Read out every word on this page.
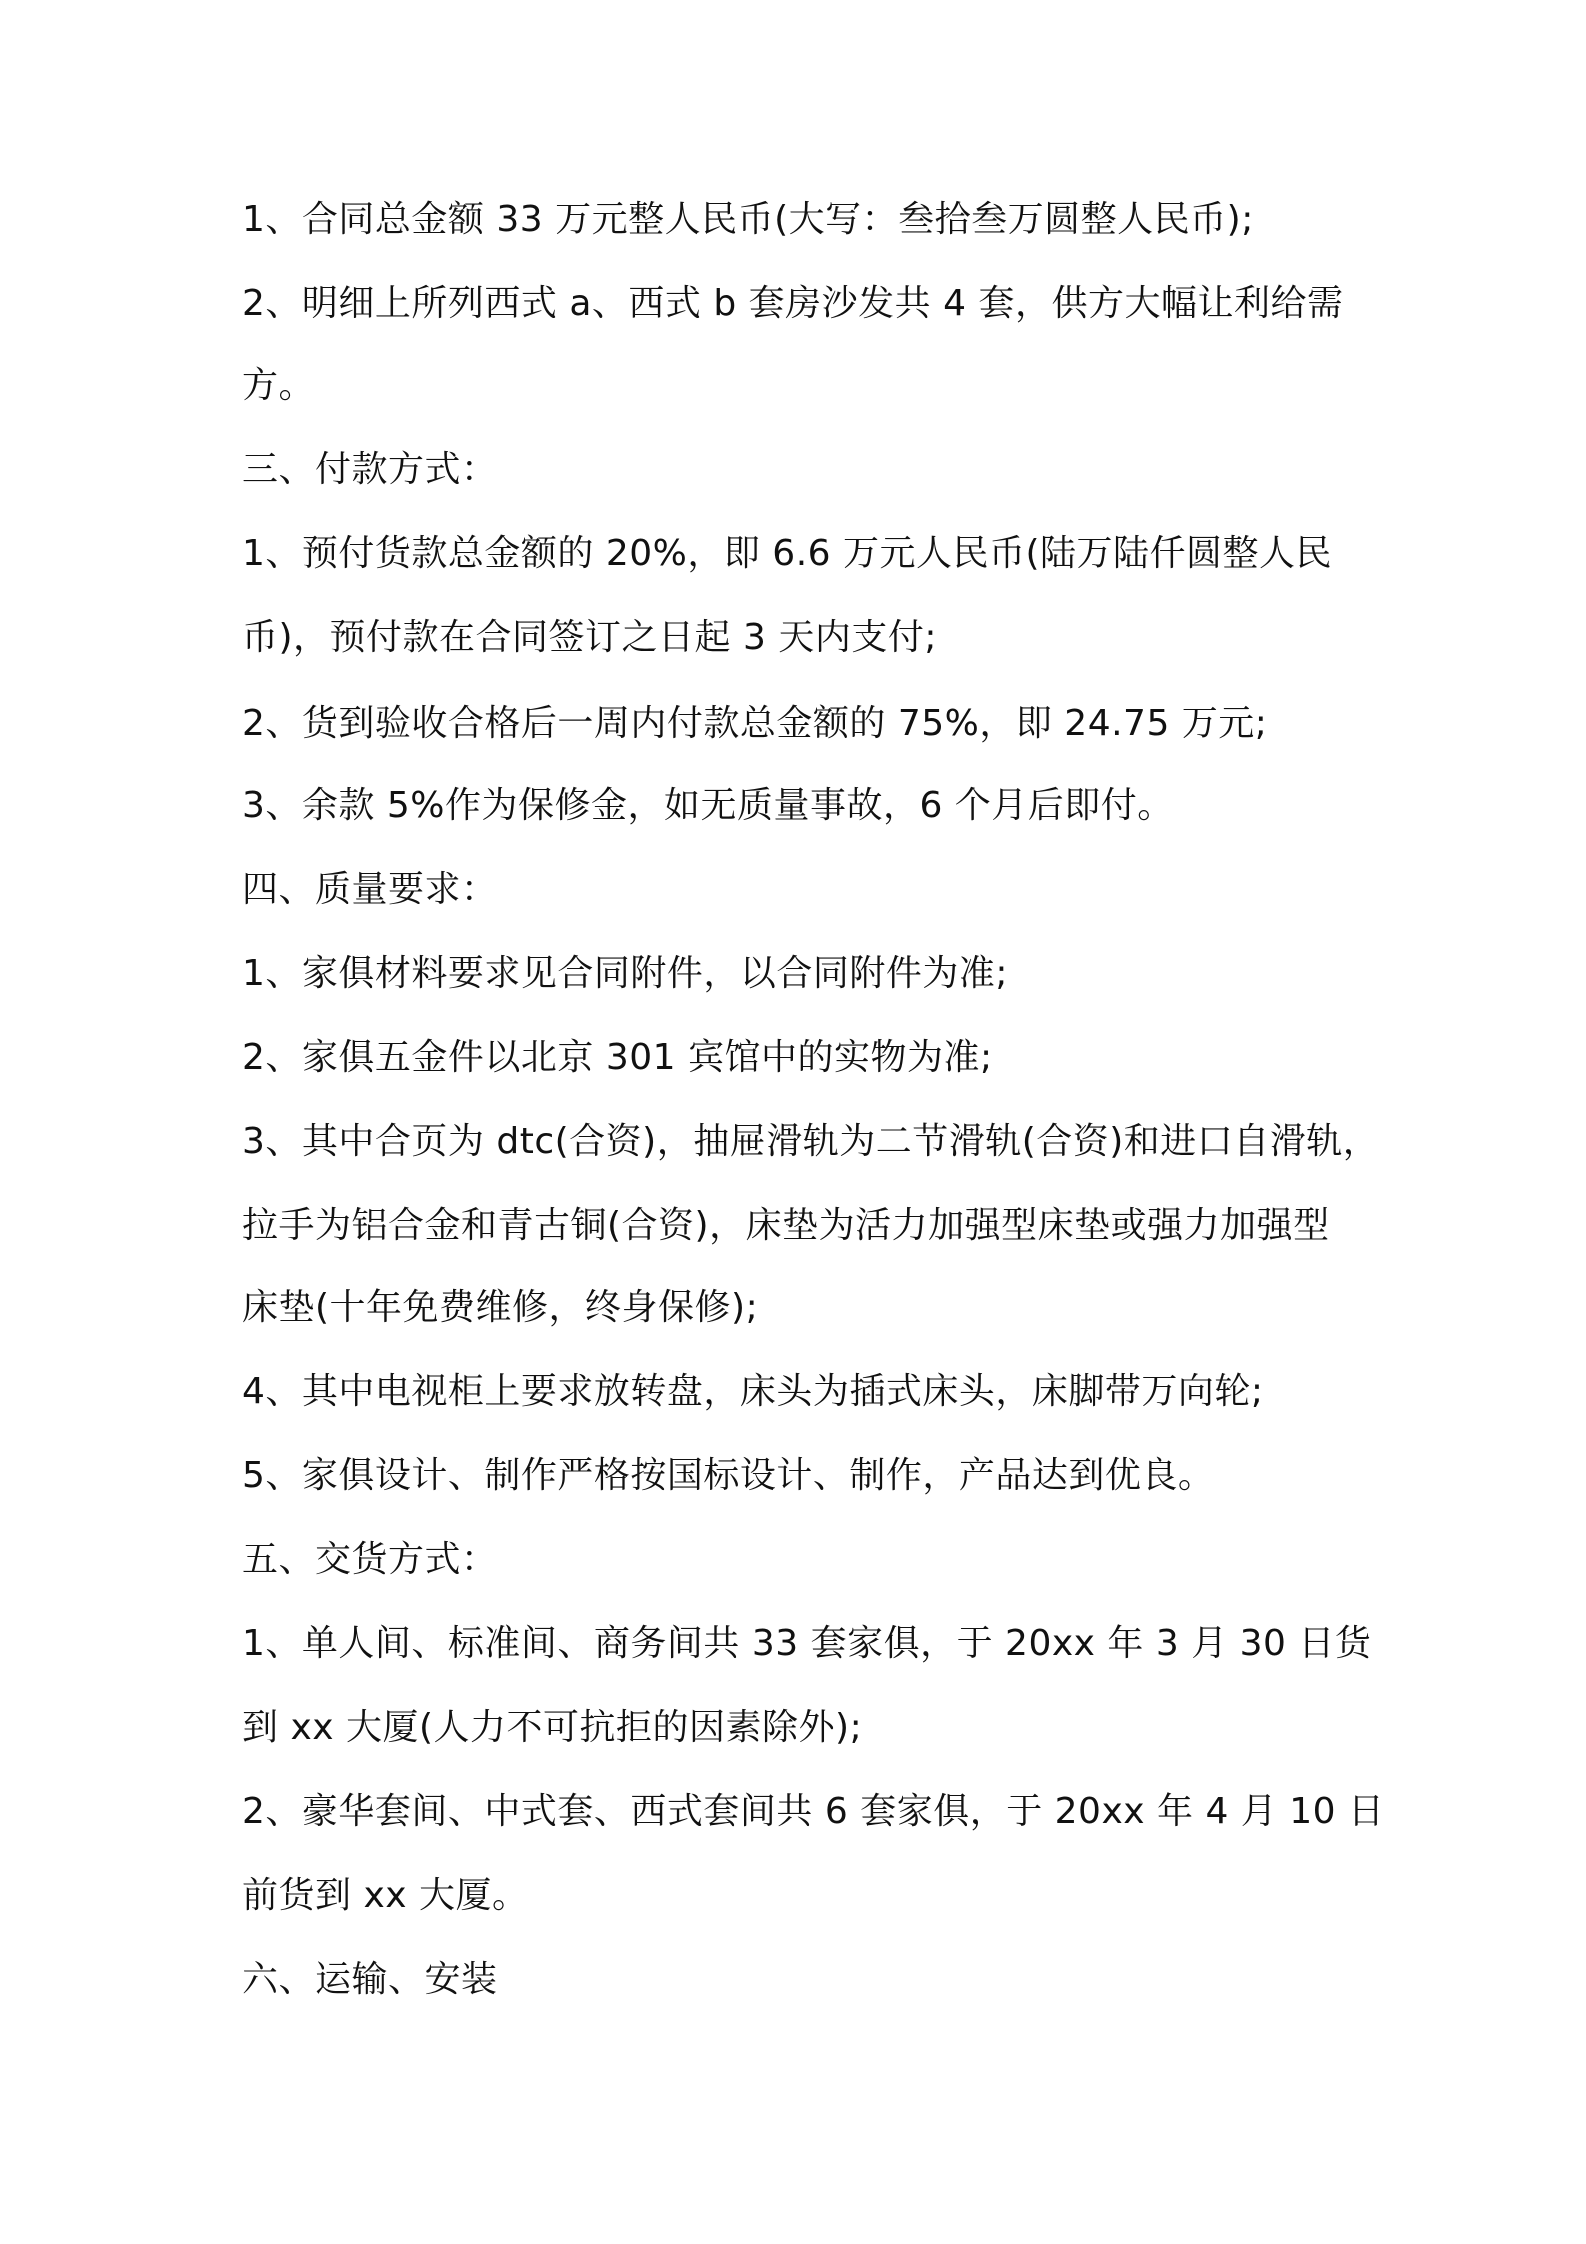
1、合同总金额 33 万元整人民币(大写：叁拾叁万圆整人民币);
2、明细上所列西式 a、西式 b 套房沙发共 4 套，供方大幅让利给需
方。
三、付款方式：
1、预付货款总金额的 20%，即 6.6 万元人民币(陆万陆仟圆整人民
币)，预付款在合同签订之日起 3 天内支付;
2、货到验收合格后一周内付款总金额的 75%，即 24.75 万元;
3、余款 5%作为保修金，如无质量事故，6 个月后即付。
四、质量要求：
1、家俱材料要求见合同附件，以合同附件为准;
2、家俱五金件以北京 301 宾馆中的实物为准;
3、其中合页为 dtc(合资)，抽屉滑轨为二节滑轨(合资)和进口自滑轨，
拉手为铝合金和青古铜(合资)，床垫为活力加强型床垫或强力加强型
床垫(十年免费维修，终身保修);
4、其中电视柜上要求放转盘，床头为插式床头，床脚带万向轮;
5、家俱设计、制作严格按国标设计、制作，产品达到优良。
五、交货方式：
1、单人间、标准间、商务间共 33 套家俱，于 20xx 年 3 月 30 日货
到 xx 大厦(人力不可抗拒的因素除外);
2、豪华套间、中式套、西式套间共 6 套家俱，于 20xx 年 4 月 10 日
前货到 xx 大厦。
六、运输、安装
